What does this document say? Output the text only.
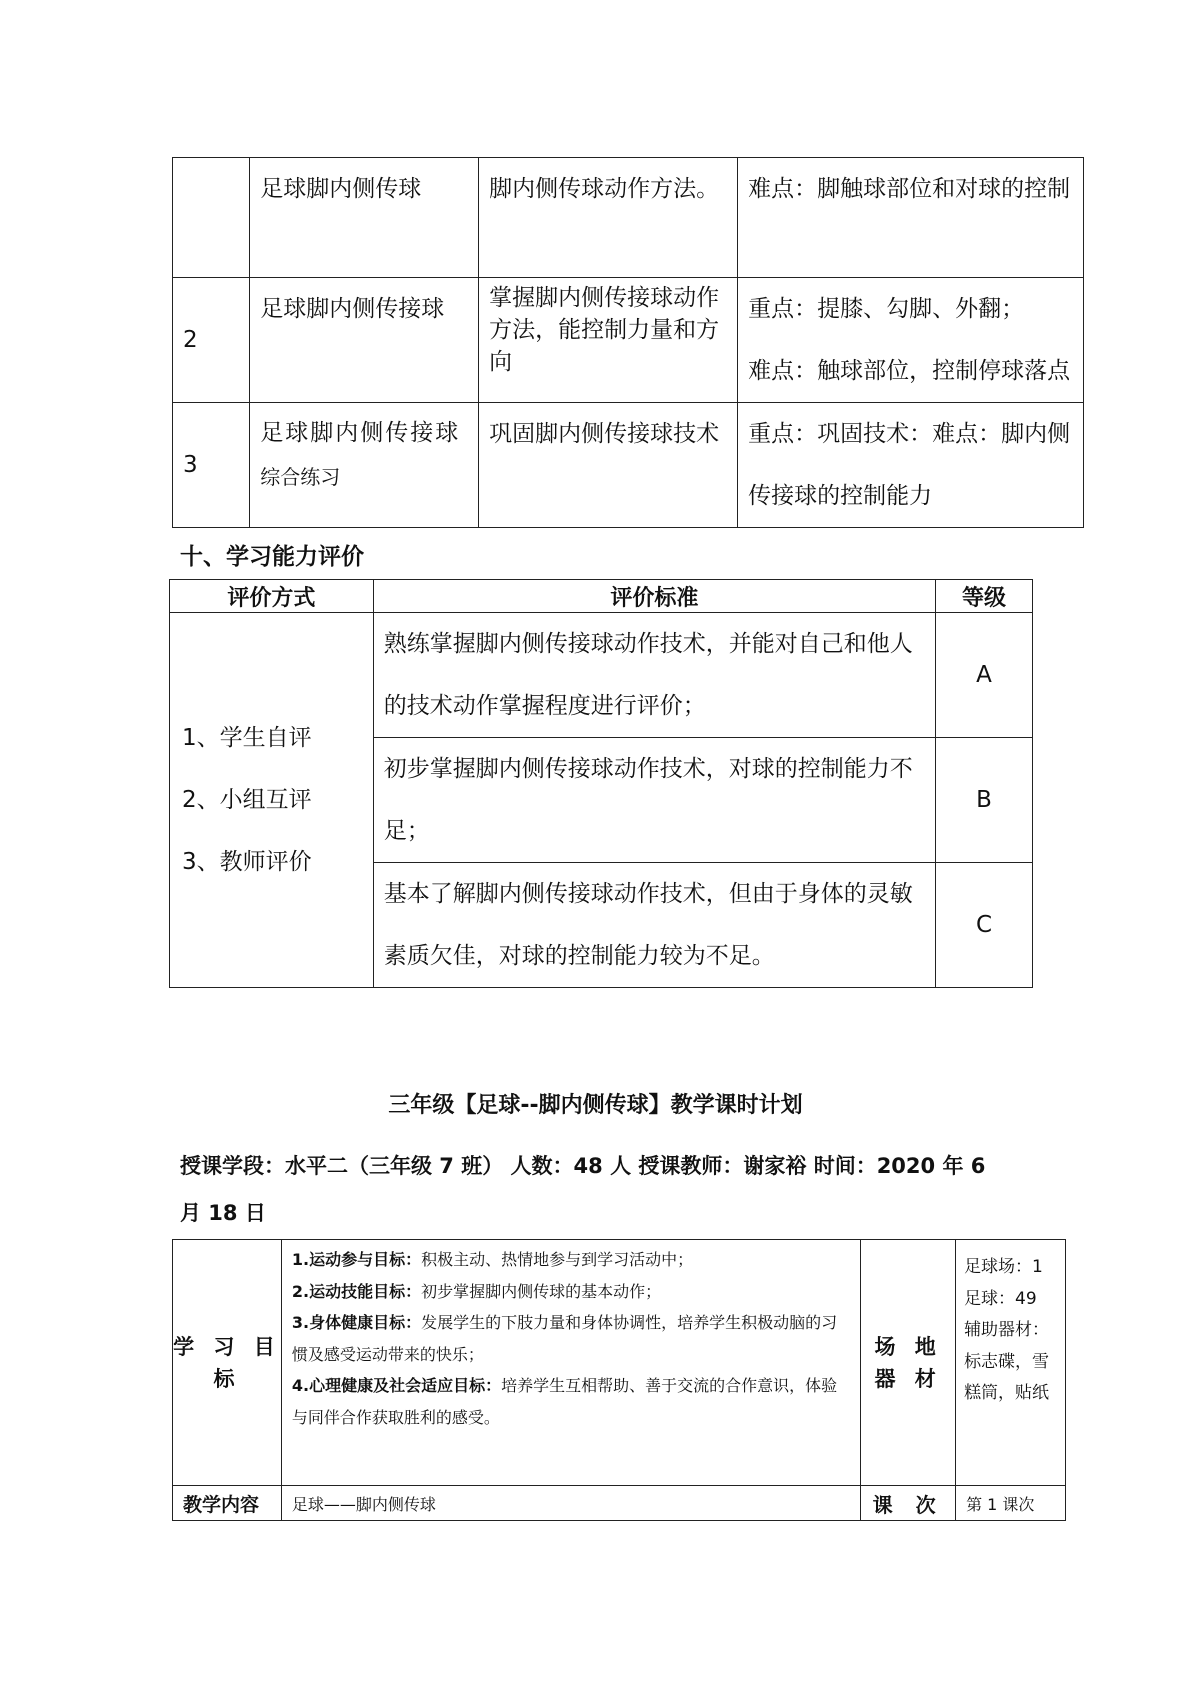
	足球脚内侧传球	脚内侧传球动作方法。	难点：脚触球部位和对球的控制
2	足球脚内侧传接球	掌握脚内侧传接球动作方法，能控制力量和方向	重点：提膝、勾脚、外翻；
难点：触球部位，控制停球落点

3	足球脚内侧传接球
综合练习	巩固脚内侧传接球技术	重点：巩固技术：难点：脚内侧传接球的控制能力
十、学习能力评价
评价方式	评价标准	等级

1、学生自评
2、小组互评
3、教师评价	熟练掌握脚内侧传接球动作技术，并能对自己和他人的技术动作掌握程度进行评价；	A
	初步掌握脚内侧传接球动作技术，对球的控制能力不足；	B
	基本了解脚内侧传接球动作技术，但由于身体的灵敏素质欠佳，对球的控制能力较为不足。	C
三年级【足球--脚内侧传球】教学课时计划
授课学段：水平二（三年级 7 班） 人数：48 人 授课教师：谢家裕 时间：2020 年 6
月 18 日
学 习 目 标	1.运动参与目标：积极主动、热情地参与到学习活动中；
2.运动技能目标：初步掌握脚内侧传球的基本动作；
3.身体健康目标：发展学生的下肢力量和身体协调性，培养学生积极动脑的习惯及感受运动带来的快乐；
4.心理健康及社会适应目标：培养学生互相帮助、善于交流的合作意识，体验与同伴合作获取胜利的感受。	场 地 器 材	足球场：1 足球：49 辅助器材：标志碟，雪糕筒，贴纸
教学内容	足球——脚内侧传球	课 次	第 1 课次
